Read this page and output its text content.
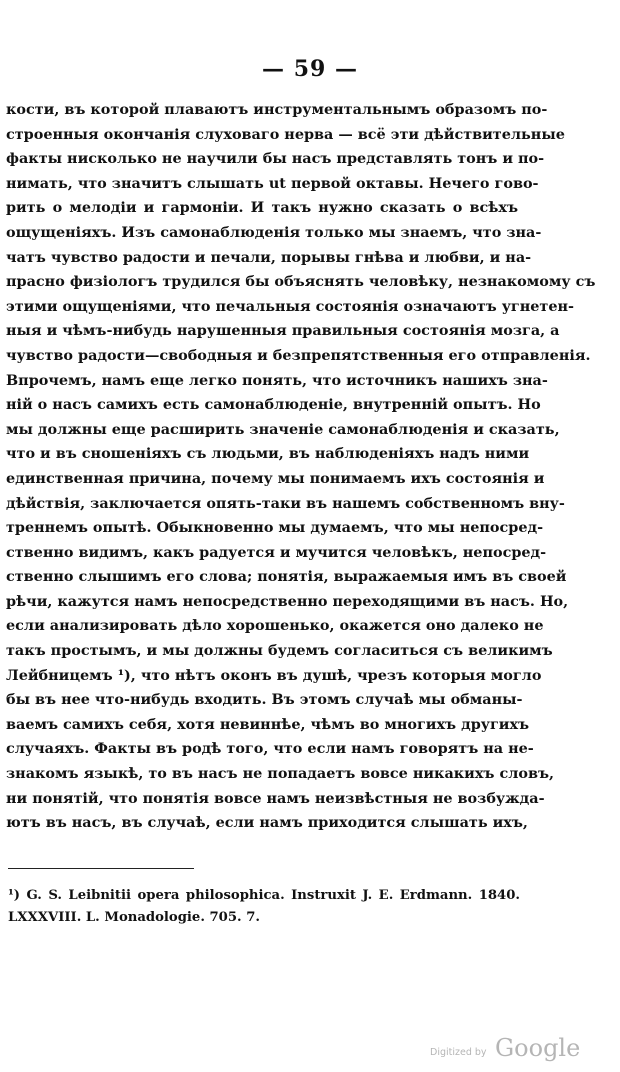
— 59 —
кости, въ которой плаваютъ инструментальнымъ образомъ по-
строенныя окончанія слуховаго нерва — всё эти дѣйствительные
факты нисколько не научили бы насъ представлять тонъ и по-
нимать, что значитъ слышать ut первой октавы. Нечего гово-
рить о мелодіи и гармоніи. И такъ нужно сказать о всѣхъ
ощущеніяхъ. Изъ самонаблюденія только мы знаемъ, что зна-
чатъ чувство радости и печали, порывы гнѣва и любви, и на-
прасно физіологъ трудился бы объяснять человѣку, незнакомому съ
этими ощущеніями, что печальныя состоянія означаютъ угнетен-
ныя и чѣмъ-нибудь нарушенныя правильныя состоянія мозга, а
чувство радости—свободныя и безпрепятственныя его отправленія.
Впрочемъ, намъ еще легко понять, что источникъ нашихъ зна-
ній о насъ самихъ есть самонаблюденіе, внутренній опытъ. Но
мы должны еще расширить значеніе самонаблюденія и сказать,
что и въ сношеніяхъ съ людьми, въ наблюденіяхъ надъ ними
единственная причина, почему мы понимаемъ ихъ состоянія и
дѣйствія, заключается опять-таки въ нашемъ собственномъ вну-
треннемъ опытѣ. Обыкновенно мы думаемъ, что мы непосред-
ственно видимъ, какъ радуется и мучится человѣкъ, непосред-
ственно слышимъ его слова; понятія, выражаемыя имъ въ своей
рѣчи, кажутся намъ непосредственно переходящими въ насъ. Но,
если анализировать дѣло хорошенько, окажется оно далеко не
такъ простымъ, и мы должны будемъ согласиться съ великимъ
Лейбницемъ ¹), что нѣтъ оконъ въ душѣ, чрезъ которыя могло
бы въ нее что-нибудь входить. Въ этомъ случаѣ мы обманы-
ваемъ самихъ себя, хотя невиннѣе, чѣмъ во многихъ другихъ
случаяхъ. Факты въ родѣ того, что если намъ говорятъ на не-
знакомъ языкѣ, то въ насъ не попадаетъ вовсе никакихъ словъ,
ни понятій, что понятія вовсе намъ неизвѣстныя не возбужда-
ютъ въ насъ, въ случаѣ, если намъ приходится слышать ихъ,
¹) G. S. Leibnitii opera philosophica. Instruxit J. E. Erdmann. 1840.
LXXXVIII. L. Monadologie. 705. 7.
Digitized by Google
